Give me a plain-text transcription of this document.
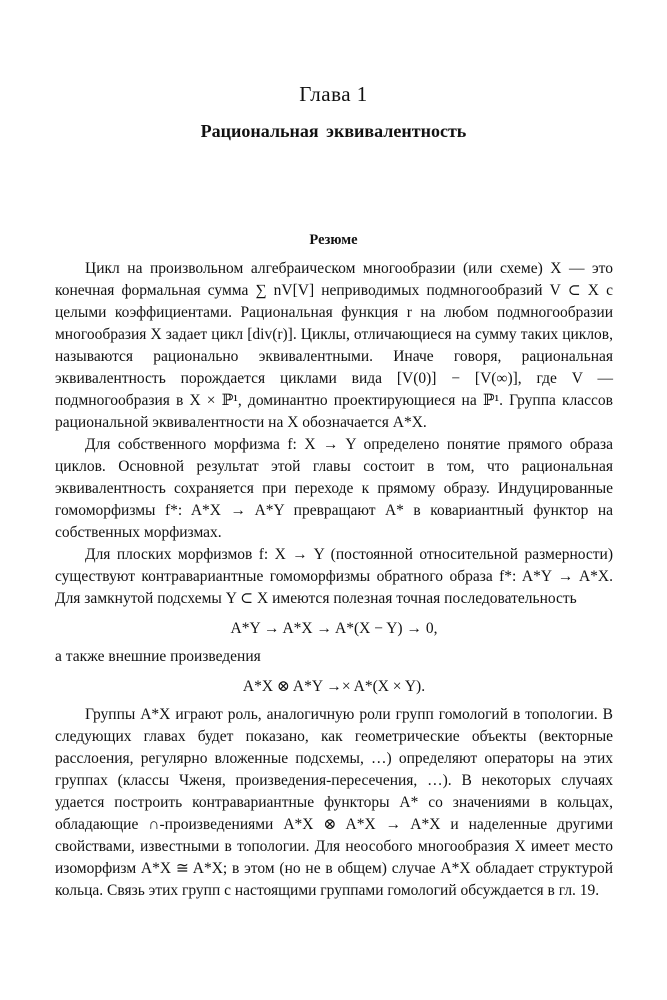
Глава 1
Рациональная эквивалентность
Резюме

Цикл на произвольном алгебраическом многообразии (или схеме) X — это конечная формальная сумма ∑ nV[V] неприводимых подмногообразий V ⊂ X с целыми коэффициентами. Рациональная функция r на любом подмногообразии многообразия X задает цикл [div(r)]. Циклы, отличающиеся на сумму таких циклов, называются рационально эквивалентными. Иначе говоря, рациональная эквивалентность порождается циклами вида [V(0)] − [V(∞)], где V — подмногообразия в X × ℙ¹, доминантно проектирующиеся на ℙ¹. Группа классов рациональной эквивалентности на X обозначается A*X.

Для собственного морфизма f: X → Y определено понятие прямого образа циклов. Основной результат этой главы состоит в том, что рациональная эквивалентность сохраняется при переходе к прямому образу. Индуцированные гомоморфизмы f*: A*X → A*Y превращают A* в ковариантный функтор на собственных морфизмах.

Для плоских морфизмов f: X → Y (постоянной относительной размерности) существуют контравариантные гомоморфизмы обратного образа f*: A*Y → A*X. Для замкнутой подсхемы Y ⊂ X имеются полезная точная последовательность

A*Y → A*X → A*(X − Y) → 0,

а также внешние произведения

A*X ⊗ A*Y →× A*(X × Y).

Группы A*X играют роль, аналогичную роли групп гомологий в топологии. В следующих главах будет показано, как геометрические объекты (векторные расслоения, регулярно вложенные подсхемы, …) определяют операторы на этих группах (классы Чженя, произведения-пересечения, …). В некоторых случаях удается построить контравариантные функторы A* со значениями в кольцах, обладающие ∩-произведениями A*X ⊗ A*X → A*X и наделенные другими свойствами, известными в топологии. Для неособого многообразия X имеет место изоморфизм A*X ≅ A*X; в этом (но не в общем) случае A*X обладает структурой кольца. Связь этих групп с настоящими группами гомологий обсуждается в гл. 19.
